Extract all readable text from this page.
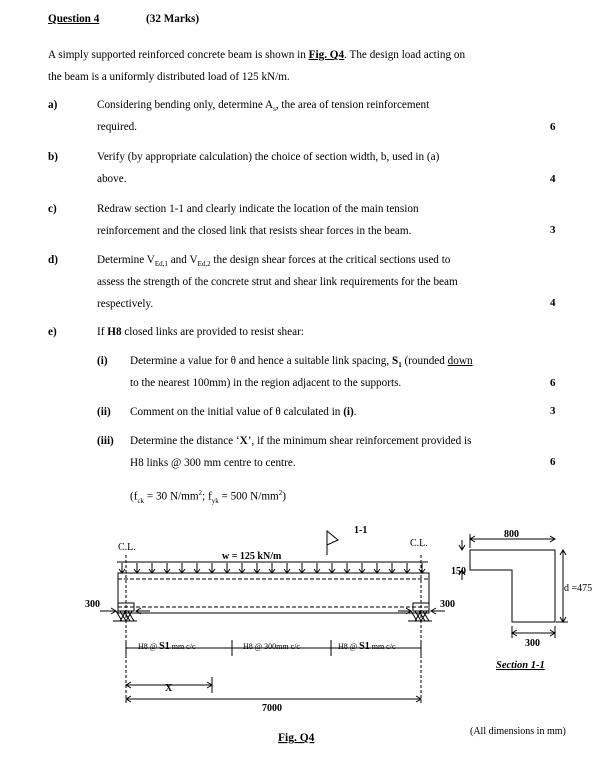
Question 4	(32 Marks)
A simply supported reinforced concrete beam is shown in Fig. Q4. The design load acting on
the beam is a uniformly distributed load of 125 kN/m.
a)	Considering bending only, determine $A_s$, the area of tension reinforcement
required.	6
b)	Verify (by appropriate calculation) the choice of section width, b, used in (a)
above.	4
c)	Redraw section 1-1 and clearly indicate the location of the main tension
reinforcement and the closed link that resists shear forces in the beam.	3
d)	Determine $V_{Ed,1}$ and $V_{Ed,2}$ the design shear forces at the critical sections used to
assess the strength of the concrete strut and shear link requirements for the beam
respectively.	4
e)	If H8 closed links are provided to resist shear:
(i) Determine a value for θ and hence a suitable link spacing, $S_1$ (rounded down
to the nearest 100mm) in the region adjacent to the supports.	6
(ii) Comment on the initial value of θ calculated in (i).	3
(iii) Determine the distance ‘X’, if the minimum shear reinforcement provided is
H8 links @ 300 mm centre to centre.	6
($f_{ck} = 30$ $N/mm^2$; $f_{yk} = 500$ $N/mm^2$)
C.L.	C.L.
w = 125 kN/m
1-1
300	300
H8 @ S1 mm c/c	H8 @ 300mm c/c	H8 @ S1 mm c/c
X
7000
Fig. Q4
(All dimensions in mm)
800
150
d =475
300
Section 1-1
